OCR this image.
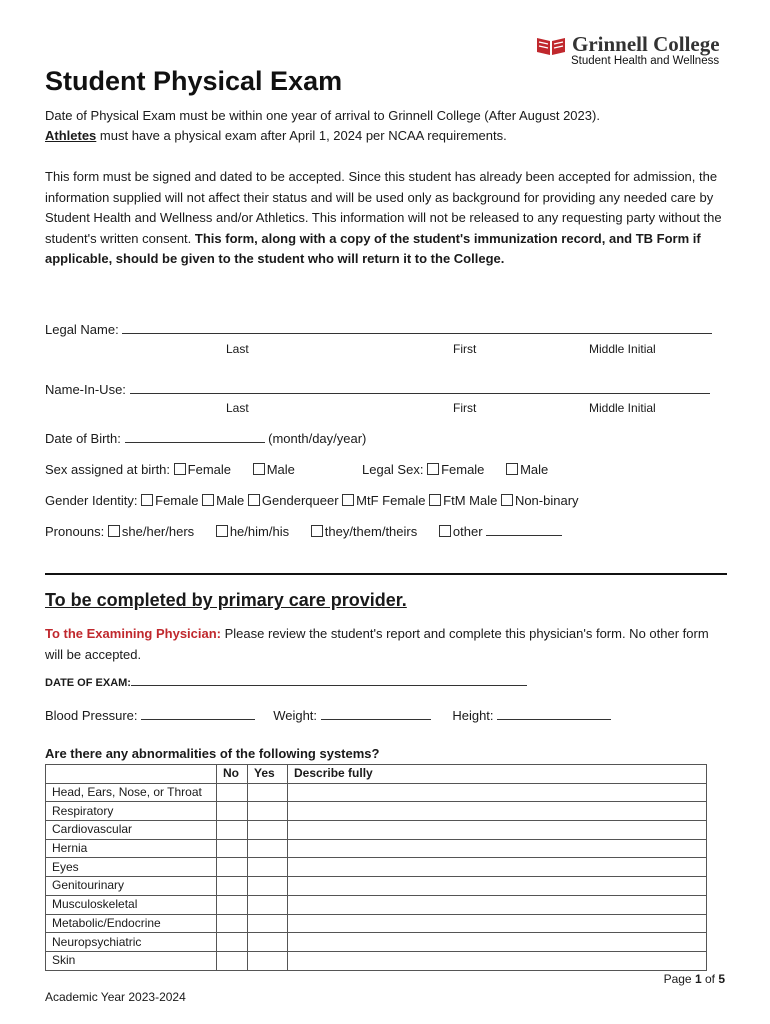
Grinnell College
Student Health and Wellness
Student Physical Exam
Date of Physical Exam must be within one year of arrival to Grinnell College (After August 2023).
Athletes must have a physical exam after April 1, 2024 per NCAA requirements.
This form must be signed and dated to be accepted. Since this student has already been accepted for admission, the information supplied will not affect their status and will be used only as background for providing any needed care by Student Health and Wellness and/or Athletics. This information will not be released to any requesting party without the student's written consent. This form, along with a copy of the student's immunization record, and TB Form if applicable, should be given to the student who will return it to the College.
Legal Name:
Last	First	Middle Initial
Name-In-Use:
Last	First	Middle Initial
Date of Birth:	(month/day/year)
Sex assigned at birth: Female	Male	Legal Sex: Female	Male
Gender Identity: Female Male Genderqueer MtF Female FtM Male Non-binary
Pronouns: she/her/hers	he/him/his	they/them/theirs	other
To be completed by primary care provider.
To the Examining Physician: Please review the student's report and complete this physician's form. No other form will be accepted.
DATE OF EXAM:
Blood Pressure:	Weight:	Height:
Are there any abnormalities of the following systems?
	No	Yes	Describe fully
Head, Ears, Nose, or Throat			
Respiratory			
Cardiovascular			
Hernia			
Eyes			
Genitourinary			
Musculoskeletal			
Metabolic/Endocrine			
Neuropsychiatric			
Skin			
Page 1 of 5
Academic Year 2023-2024
